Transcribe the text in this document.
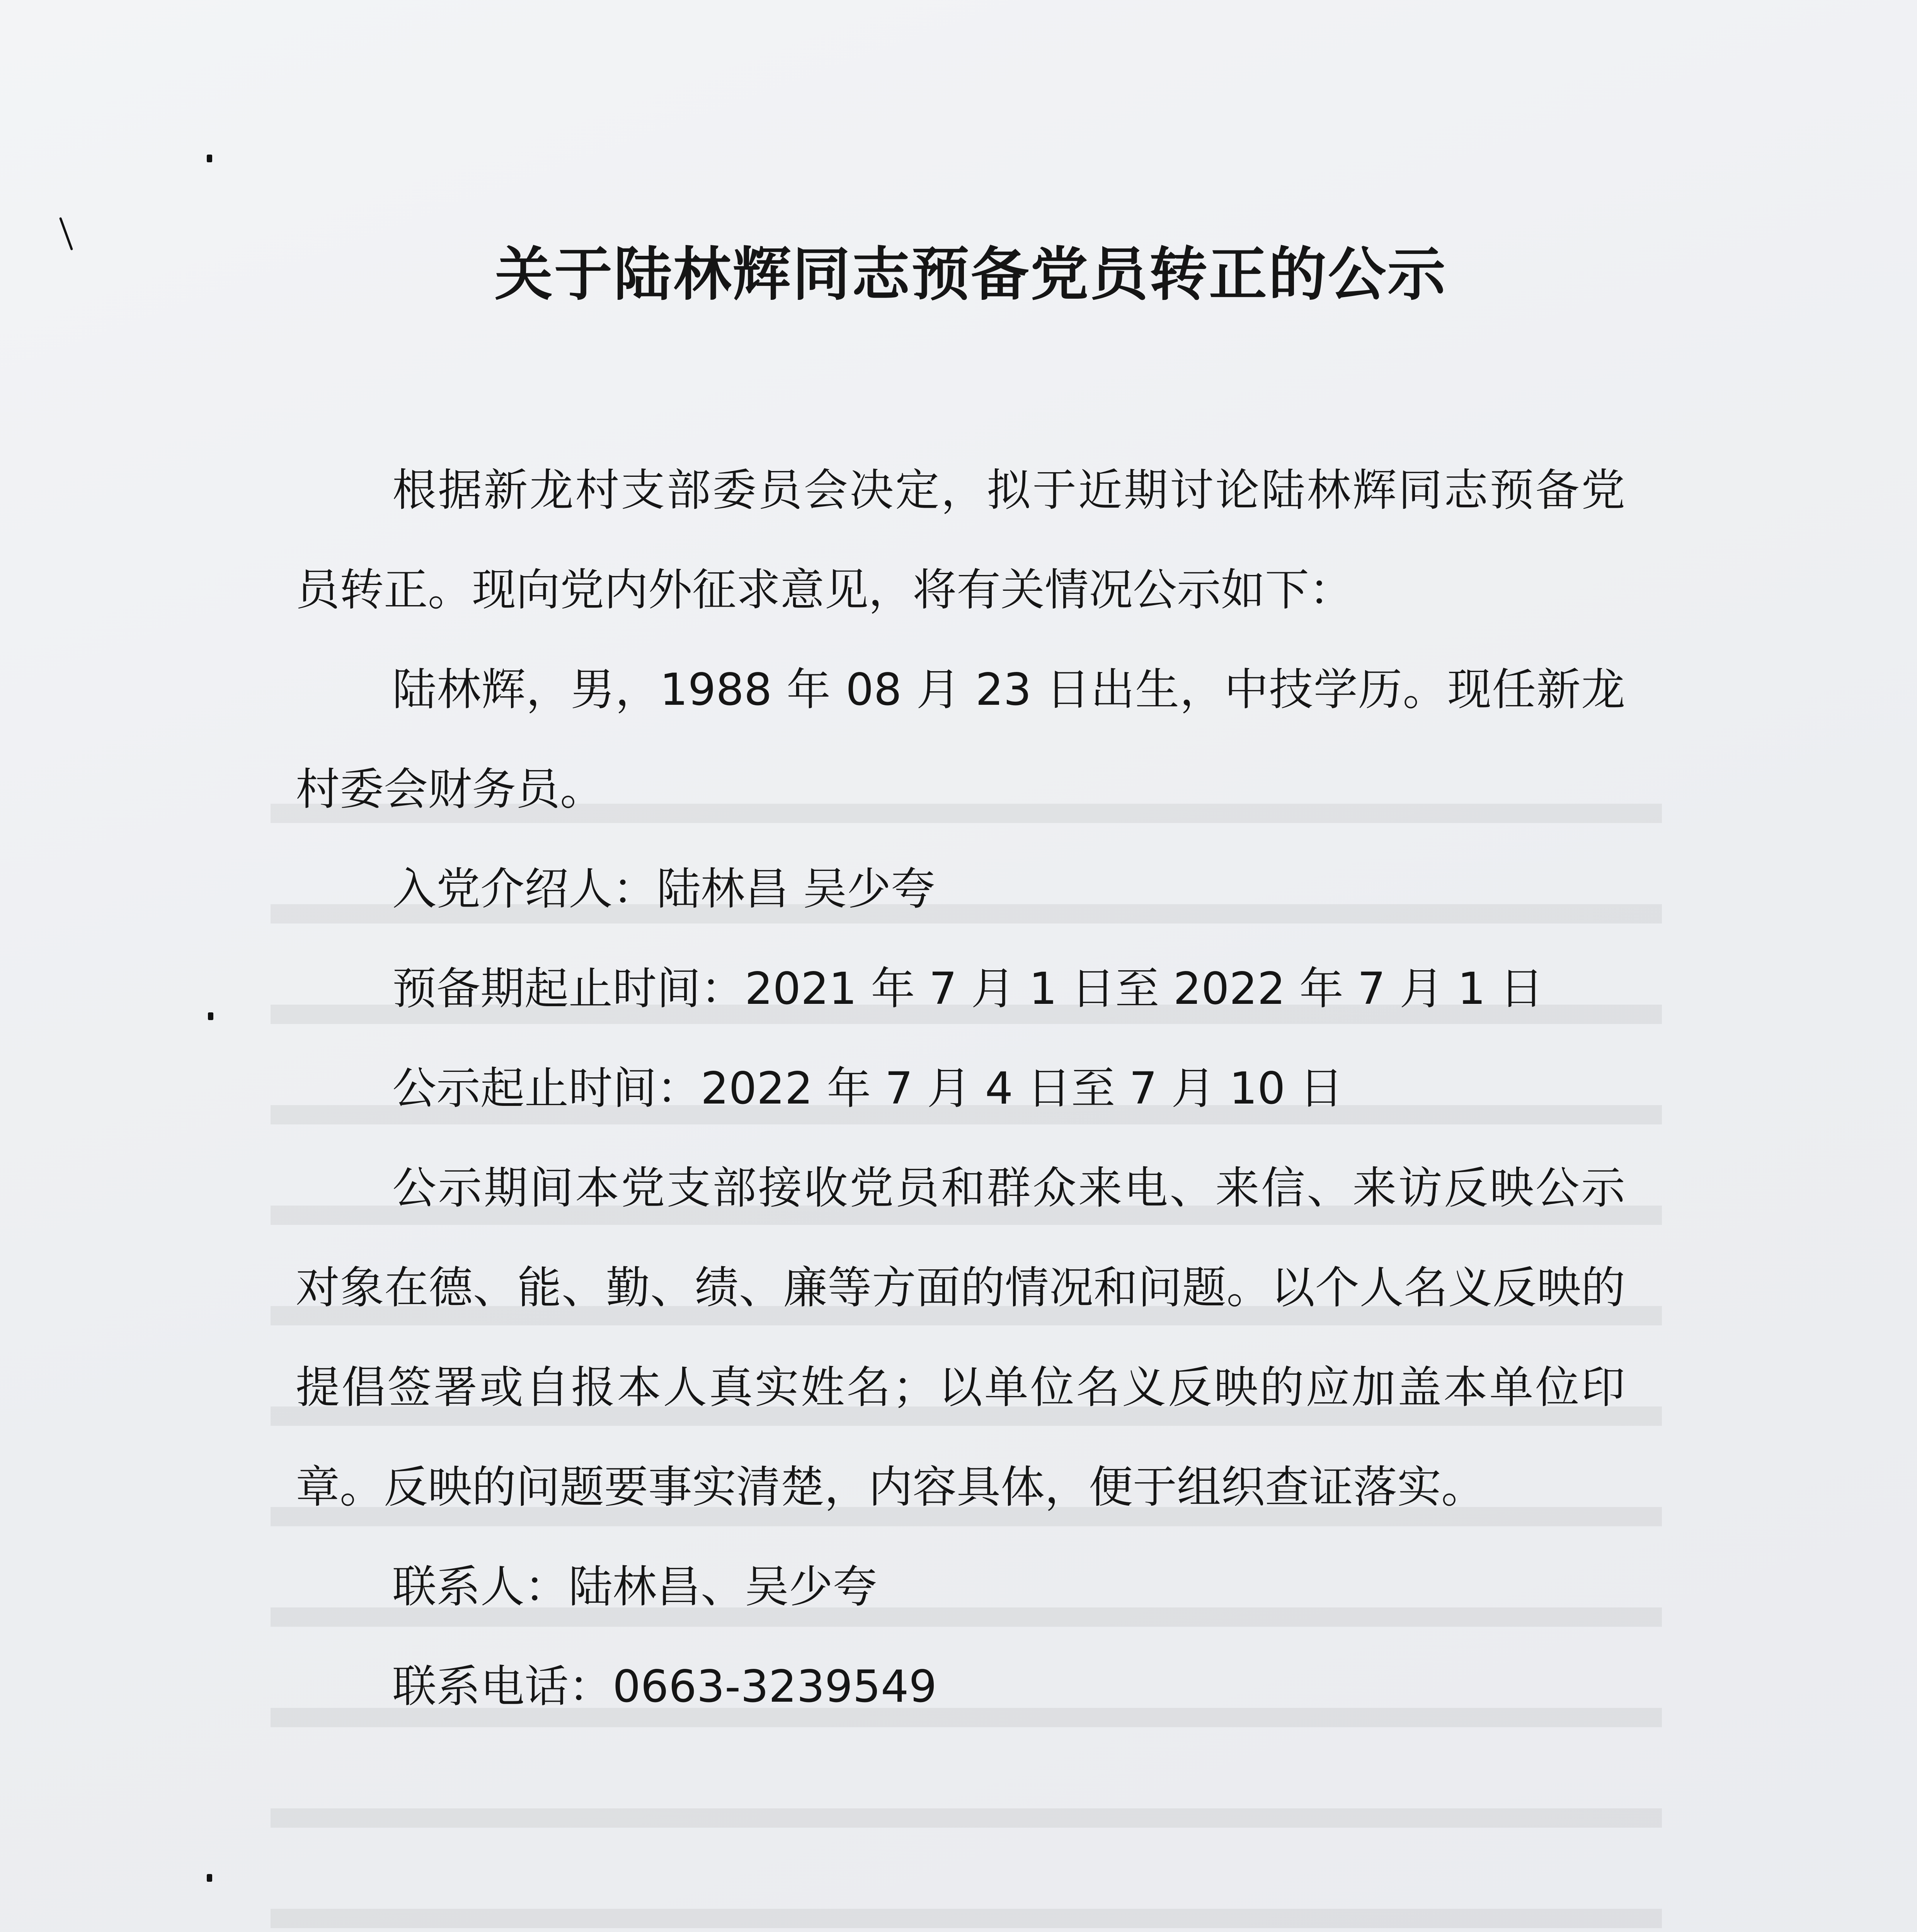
关于陆林辉同志预备党员转正的公示

根据新龙村支部委员会决定，拟于近期讨论陆林辉同志预备党员转正。现向党内外征求意见，将有关情况公示如下：

陆林辉，男，1988 年 08 月 23 日出生，中技学历。现任新龙村委会财务员。

入党介绍人：陆林昌 吴少夸

预备期起止时间：2021 年 7 月 1 日至 2022 年 7 月 1 日

公示起止时间：2022 年 7 月 4 日至 7 月 10 日

公示期间本党支部接收党员和群众来电、来信、来访反映公示对象在德、能、勤、绩、廉等方面的情况和问题。以个人名义反映的提倡签署或自报本人真实姓名；以单位名义反映的应加盖本单位印章。反映的问题要事实清楚，内容具体，便于组织查证落实。

联系人：陆林昌、吴少夸

联系电话：0663-3239549
